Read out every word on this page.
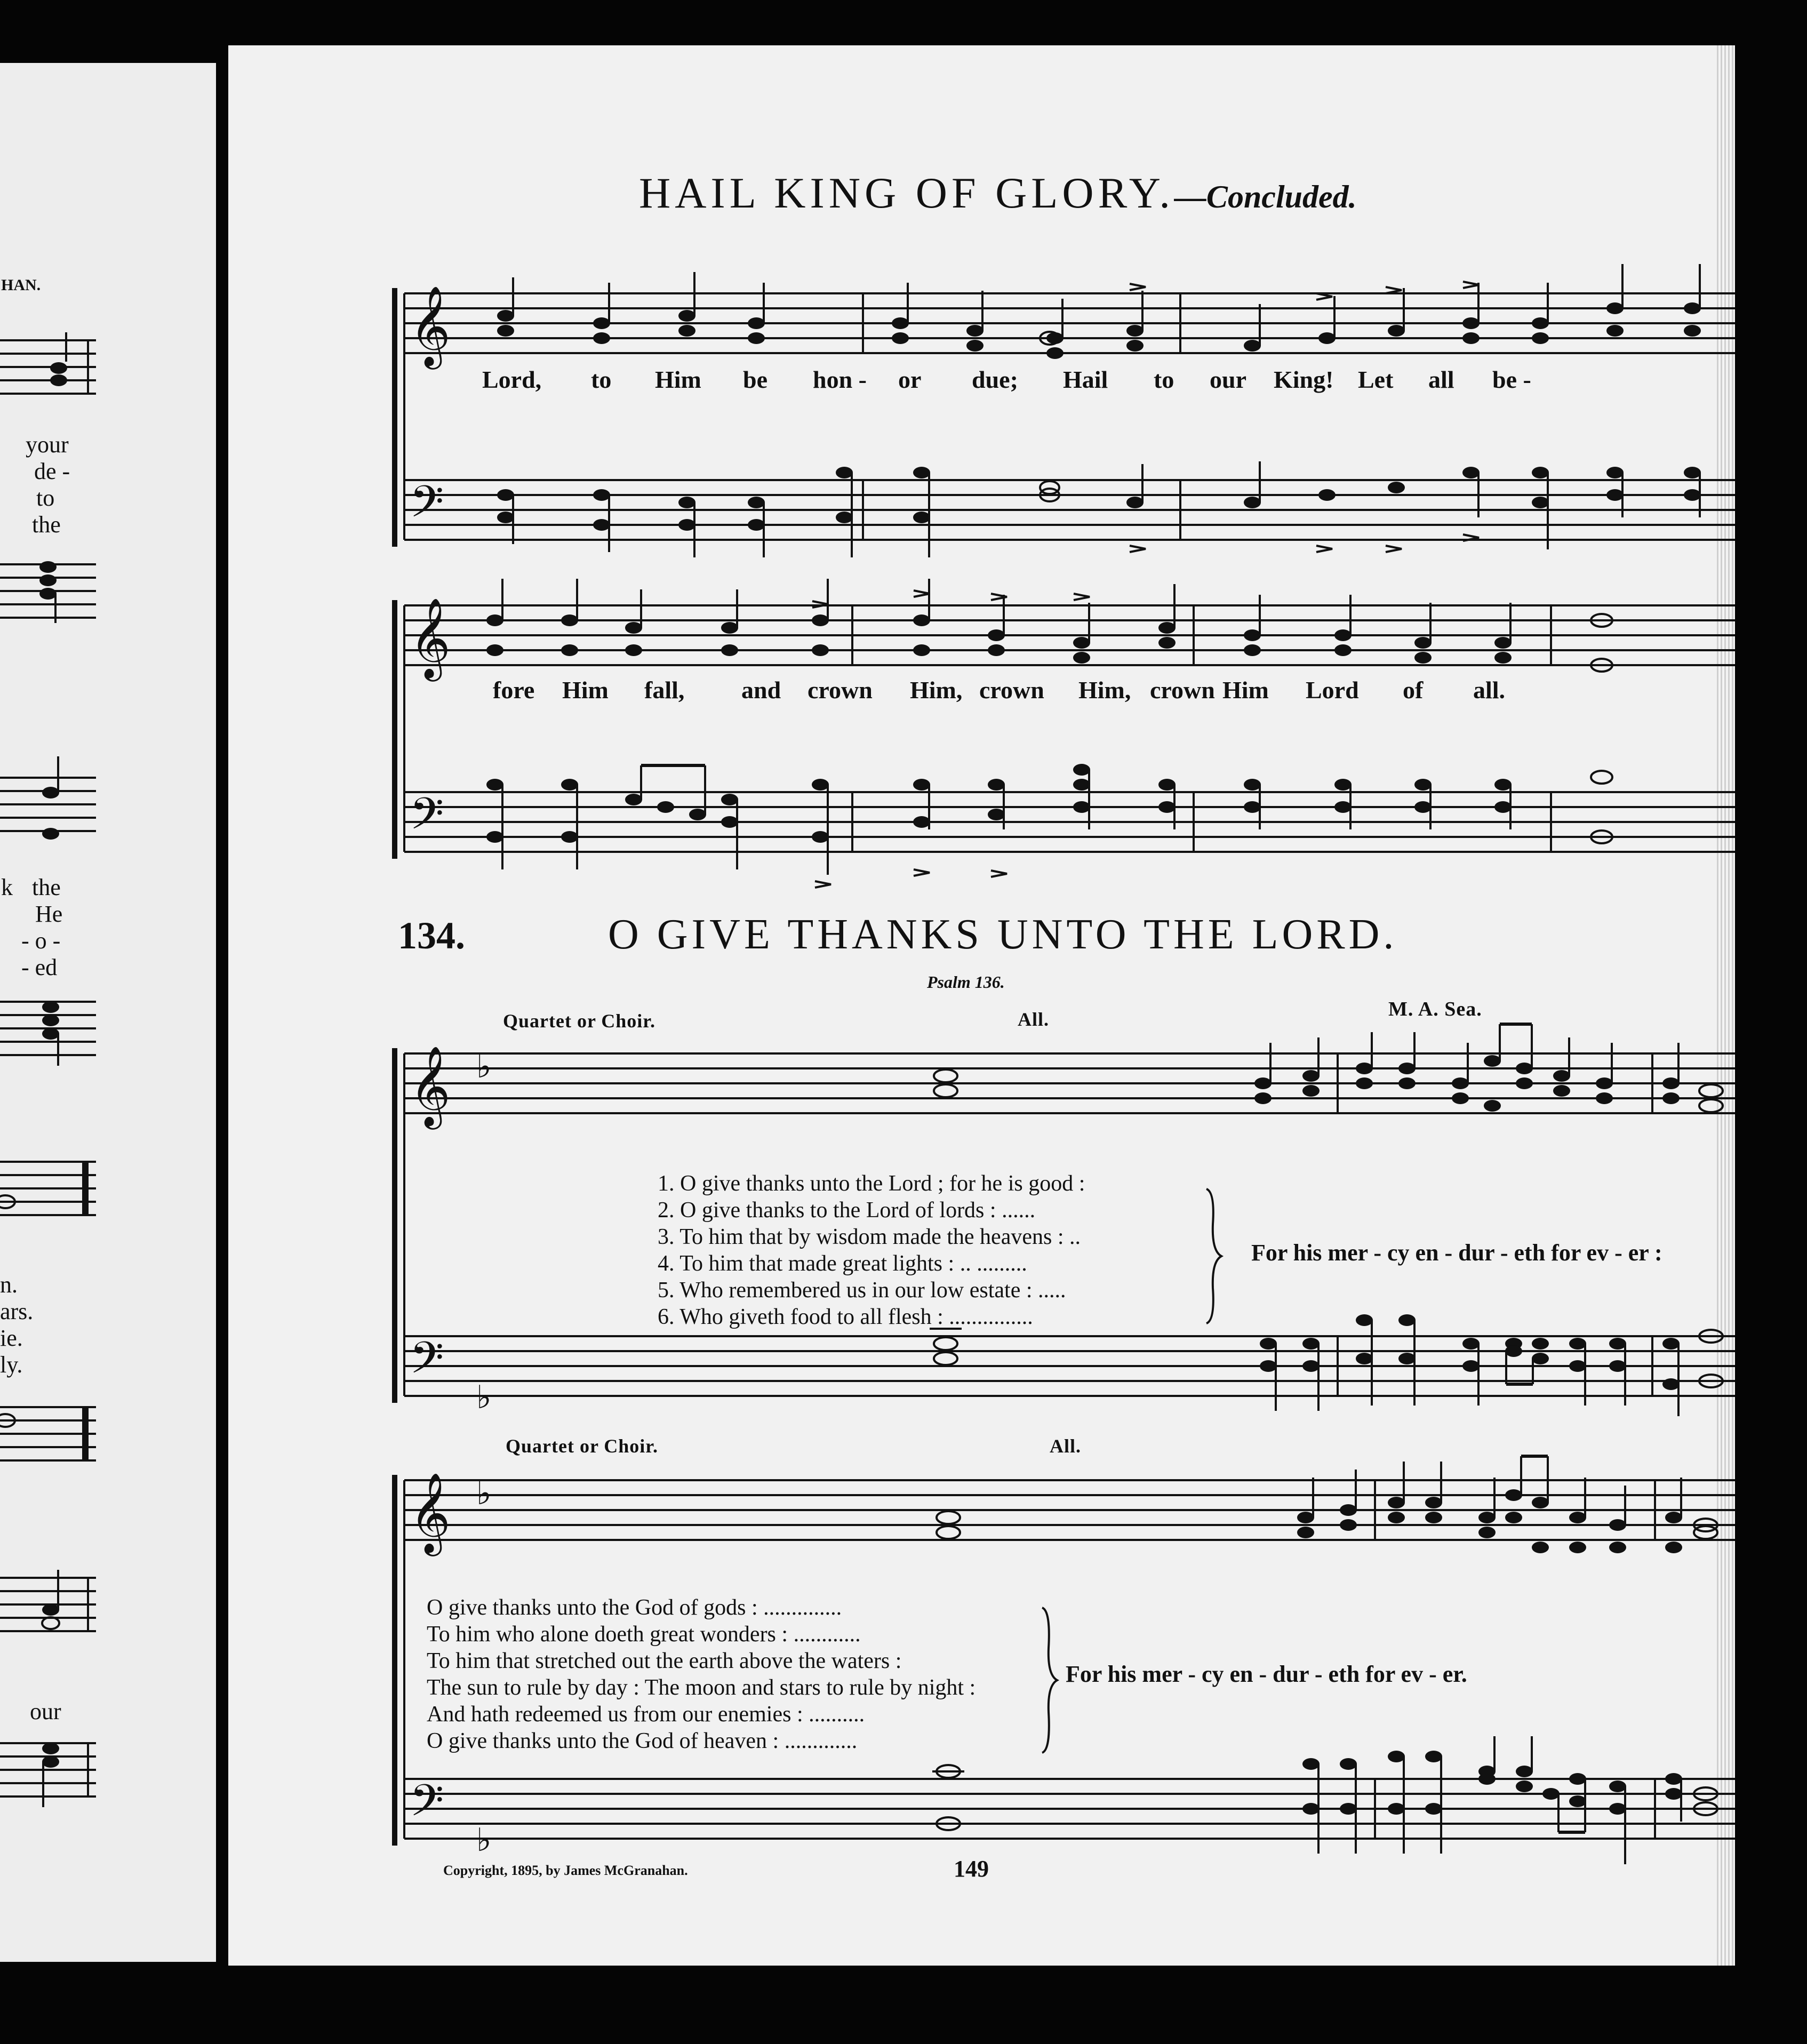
HAN.
your
de -
to
the
k the
He
- o -
- ed
n.
ars.
ie.
ly.
our
HAIL KING OF GLORY.—Concluded.
𝄞
𝄢
Lord, to Him be hon - or due; Hail to our King! Let all be -
𝄞
𝄢
fore Him fall, and crown Him, crown Him, crown Him Lord of all.
134.	O GIVE THANKS UNTO THE LORD.
Psalm 136.
M. A. Sea.
Quartet or Choir.	All.
𝄞 ♭
𝄢
♭
1. O give thanks unto the Lord ; for he is good :
2. O give thanks to the Lord of lords : ......
3. To him that by wisdom made the heavens : ..
4. To him that made great lights : .. .........
5. Who remembered us in our low estate : .....
6. Who giveth food to all flesh : ...............
For his mer - cy en - dur - eth for ev - er :
Quartet or Choir.	All.
𝄞 ♭
𝄢
♭
O give thanks unto the God of gods : ..............
To him who alone doeth great wonders : ............
To him that stretched out the earth above the waters :
The sun to rule by day : The moon and stars to rule by night :
And hath redeemed us from our enemies : ..........
O give thanks unto the God of heaven : .............
For his mer - cy en - dur - eth for ev - er.
Copyright, 1895, by James McGranahan.	149
